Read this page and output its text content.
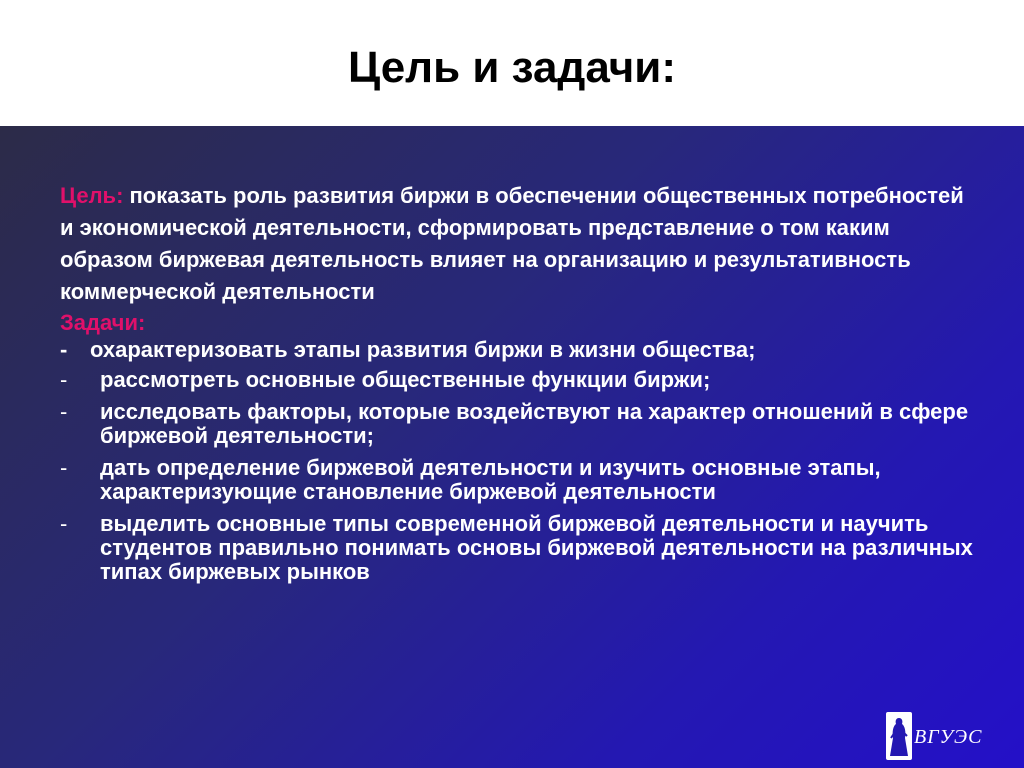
Цель и задачи:

Цель: показать роль развития биржи в обеспечении общественных потребностей и экономической деятельности, сформировать представление о том каким образом биржевая деятельность влияет на организацию и результативность коммерческой деятельности

Задачи:

- охарактеризовать этапы развития биржи в жизни общества;
- рассмотреть основные общественные функции биржи;
- исследовать факторы, которые воздействуют на характер отношений в сфере биржевой деятельности;
- дать определение биржевой деятельности и изучить основные этапы, характеризующие становление биржевой деятельности
- выделить основные типы современной биржевой деятельности и научить студентов правильно понимать основы биржевой деятельности на различных типах биржевых рынков
ВГУЭС
